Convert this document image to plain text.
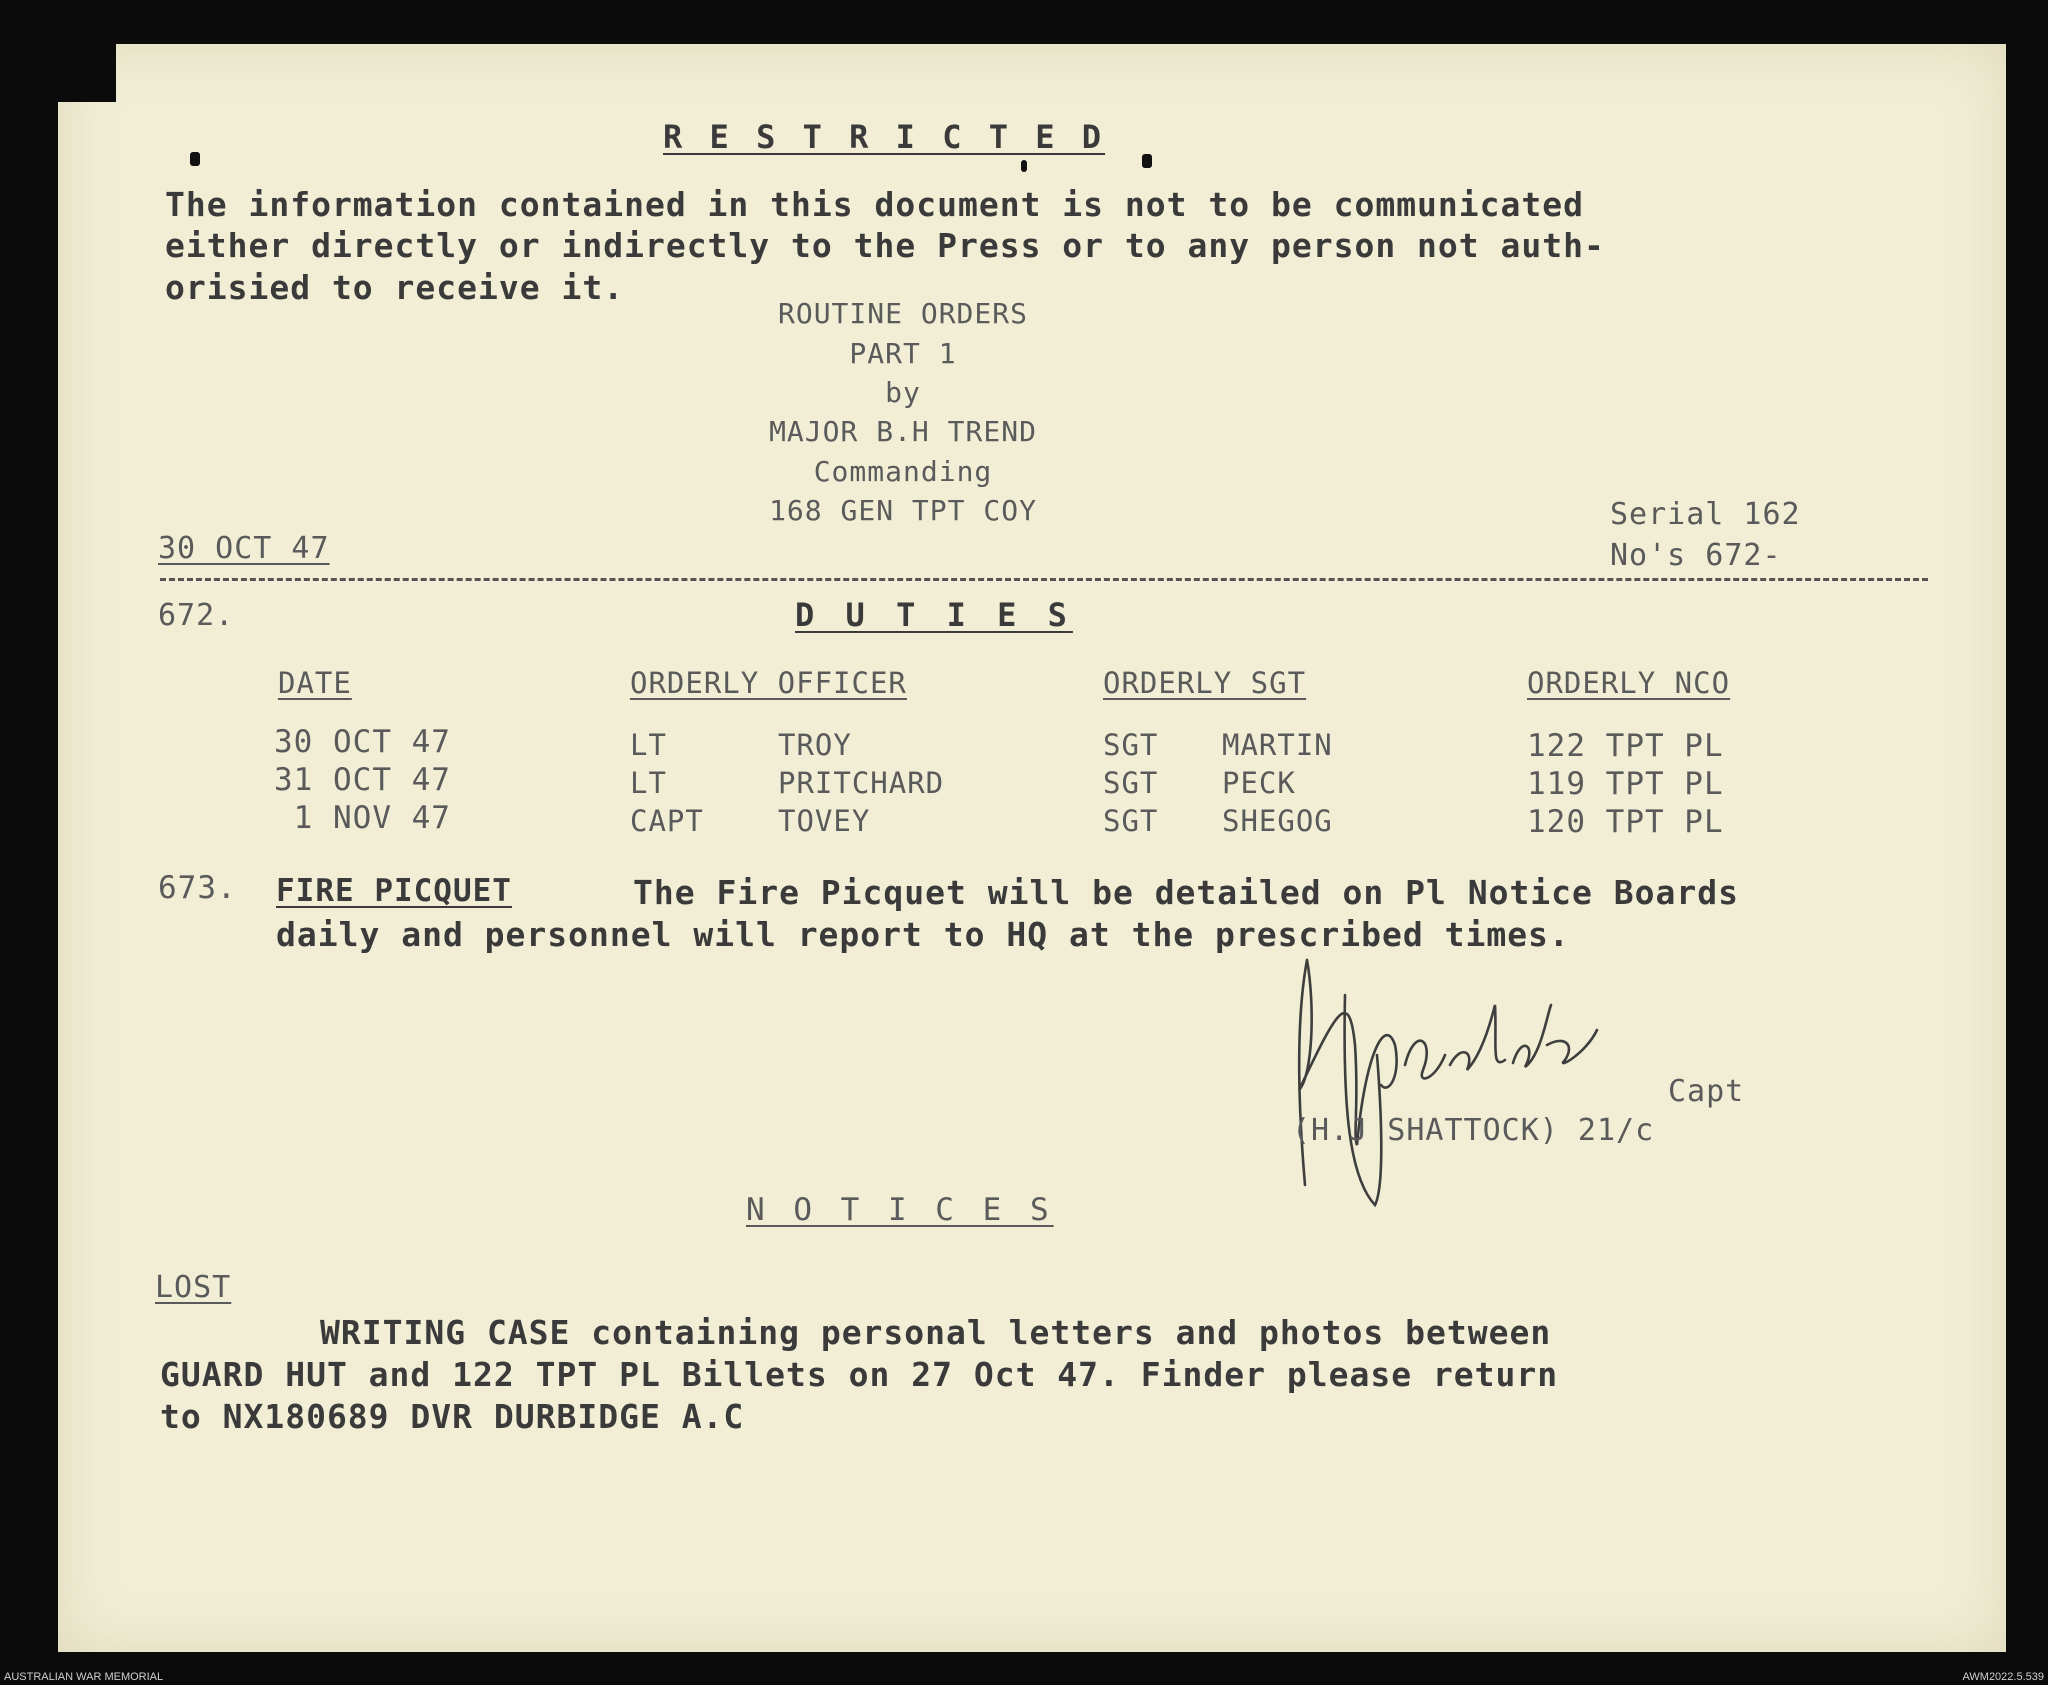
R E S T R I C T E D
The information contained in this document is not to be communicated
either directly or indirectly to the Press or to any person not auth-
orisied to receive it.
ROUTINE ORDERS
PART 1
by
MAJOR B.H TREND
Commanding
168 GEN TPT COY
30 OCT 47
Serial 162
No's 672-
672.	D U T I E S
DATE	ORDERLY OFFICER	ORDERLY SGT	ORDERLY NCO
30 OCT 47	LT	TROY	SGT MARTIN	122 TPT PL
31 OCT 47	LT	PRITCHARD	SGT PECK	119 TPT PL
1 NOV 47	CAPT	TOVEY	SGT SHEGOG	120 TPT PL
673. FIRE PICQUET	The Fire Picquet will be detailed on Pl Notice Boards
daily and personnel will report to HQ at the prescribed times.
Capt
(H.J SHATTOCK) 21/c
N O T I C E S
LOST
WRITING CASE containing personal letters and photos between
GUARD HUT and 122 TPT PL Billets on 27 Oct 47. Finder please return
to NX180689 DVR DURBIDGE A.C
AUSTRALIAN WAR MEMORIAL	AWM2022.5.539
